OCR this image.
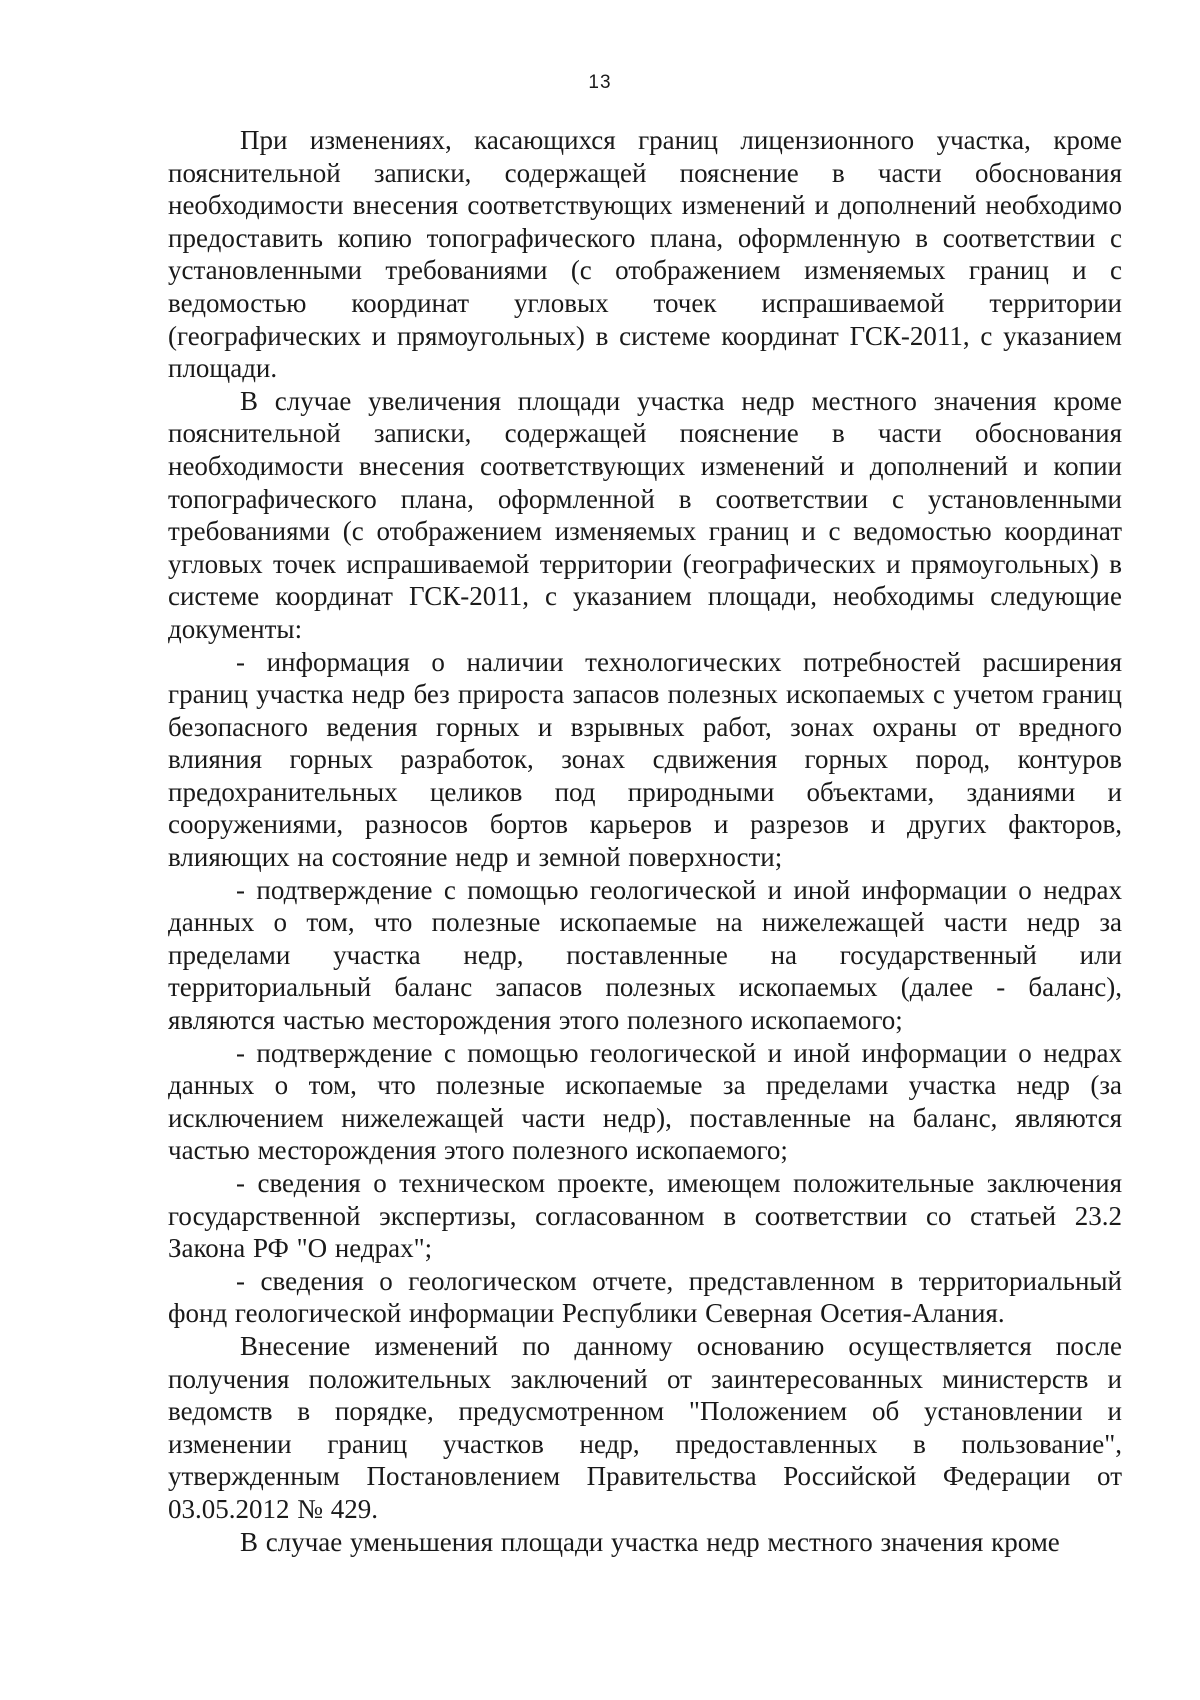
13

При изменениях, касающихся границ лицензионного участка, кроме пояснительной записки, содержащей пояснение в части обоснования необходимости внесения соответствующих изменений и дополнений необходимо предоставить копию топографического плана, оформленную в соответствии с установленными требованиями (с отображением изменяемых границ и с ведомостью координат угловых точек испрашиваемой территории (географических и прямоугольных) в системе координат ГСК-2011, с указанием площади.

В случае увеличения площади участка недр местного значения кроме пояснительной записки, содержащей пояснение в части обоснования необходимости внесения соответствующих изменений и дополнений и копии топографического плана, оформленной в соответствии с установленными требованиями (с отображением изменяемых границ и с ведомостью координат угловых точек испрашиваемой территории (географических и прямоугольных) в системе координат ГСК-2011, с указанием площади, необходимы следующие документы:

- информация о наличии технологических потребностей расширения границ участка недр без прироста запасов полезных ископаемых с учетом границ безопасного ведения горных и взрывных работ, зонах охраны от вредного влияния горных разработок, зонах сдвижения горных пород, контуров предохранительных целиков под природными объектами, зданиями и сооружениями, разносов бортов карьеров и разрезов и других факторов, влияющих на состояние недр и земной поверхности;

- подтверждение с помощью геологической и иной информации о недрах данных о том, что полезные ископаемые на нижележащей части недр за пределами участка недр, поставленные на государственный или территориальный баланс запасов полезных ископаемых (далее - баланс), являются частью месторождения этого полезного ископаемого;

- подтверждение с помощью геологической и иной информации о недрах данных о том, что полезные ископаемые за пределами участка недр (за исключением нижележащей части недр), поставленные на баланс, являются частью месторождения этого полезного ископаемого;

- сведения о техническом проекте, имеющем положительные заключения государственной экспертизы, согласованном в соответствии со статьей 23.2 Закона РФ "О недрах";

- сведения о геологическом отчете, представленном в территориальный фонд геологической информации Республики Северная Осетия-Алания.

Внесение изменений по данному основанию осуществляется после получения положительных заключений от заинтересованных министерств и ведомств в порядке, предусмотренном "Положением об установлении и изменении границ участков недр, предоставленных в пользование", утвержденным Постановлением Правительства Российской Федерации от 03.05.2012 № 429.

В случае уменьшения площади участка недр местного значения кроме
